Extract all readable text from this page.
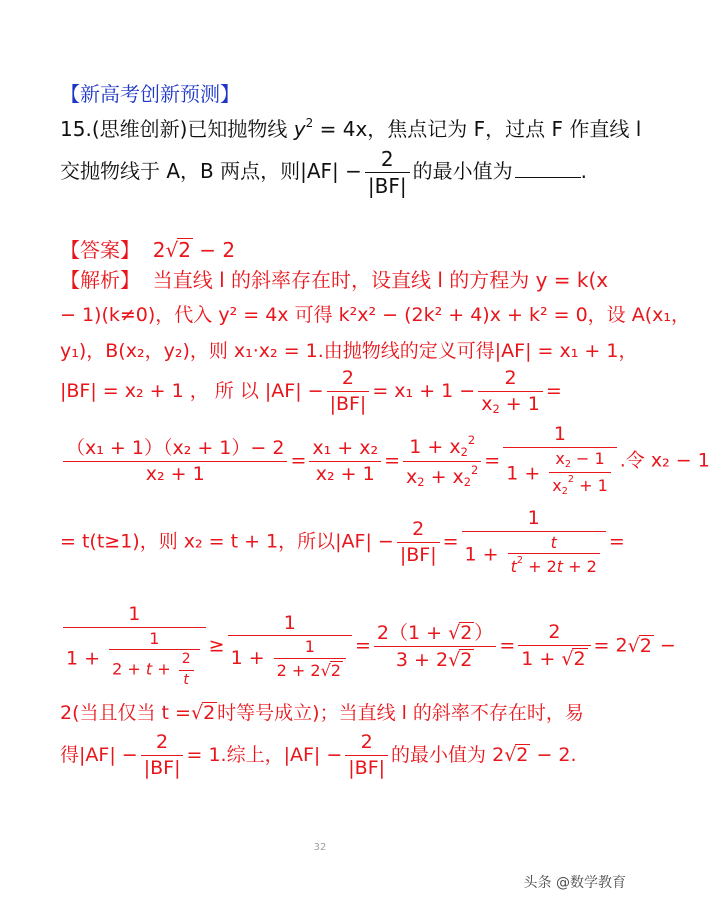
【新高考创新预测】
15.(思维创新)已知抛物线 $y^2 = 4x$，焦点记为 F，过点 F 作直线 l
交抛物线于 A，B 两点，则$|AF| - \frac{2}{|BF|}$ 的最小值为	.
【答案】 2√2 − 2
【解析】 当直线 l 的斜率存在时，设直线 l 的方程为 y = k(x
− 1)(k≠0)，代入 y² = 4x 可得 k²x² − (2k² + 4)x + k² = 0，设 A(x₁，
y₁)，B(x₂，y₂)，则 x₁·x₂ = 1.由抛物线的定义可得|AF| = x₁ + 1，
|BF| = x₂ + 1 ， 所 以 $|AF| - \frac{2}{|BF|} = x_1 + 1 - \frac{2}{x_2 + 1}$ =
$\frac{\text{（x₁ + 1）（x₂ + 1）− 2}}{\text{x₂ + 1}} = \frac{\text{x₁ + x₂}}{\text{x₂ + 1}} = \frac{1 + x_2^2}{x_2 + x_2^2} = \frac{1}{1 + \frac{x_2 - 1}{x_2^2 + 1}}$ .令 x₂ − 1
= t(t≥1)，则 x₂ = t + 1，所以$|AF| - \frac{2}{|BF|} = \frac{1}{1 + \frac{t}{t^2 + 2t + 2}}$ =
$\frac{1}{1 + \frac{1}{2 + t + \frac{2}{t}}} \ge \frac{1}{1 + \frac{1}{2 + 2√2}} = \frac{2(1 + √2 )}{3 + 2√2} = \frac{2}{1 + √2} = 2√2$ −
2(当且仅当 t =√2 时等号成立)；当直线 l 的斜率不存在时，易
得$|AF| - \frac{2}{|BF|} = 1$.综上，$|AF| - \frac{2}{|BF|}$ 的最小值为 2√2 − 2.
32
头条 @数学教育
